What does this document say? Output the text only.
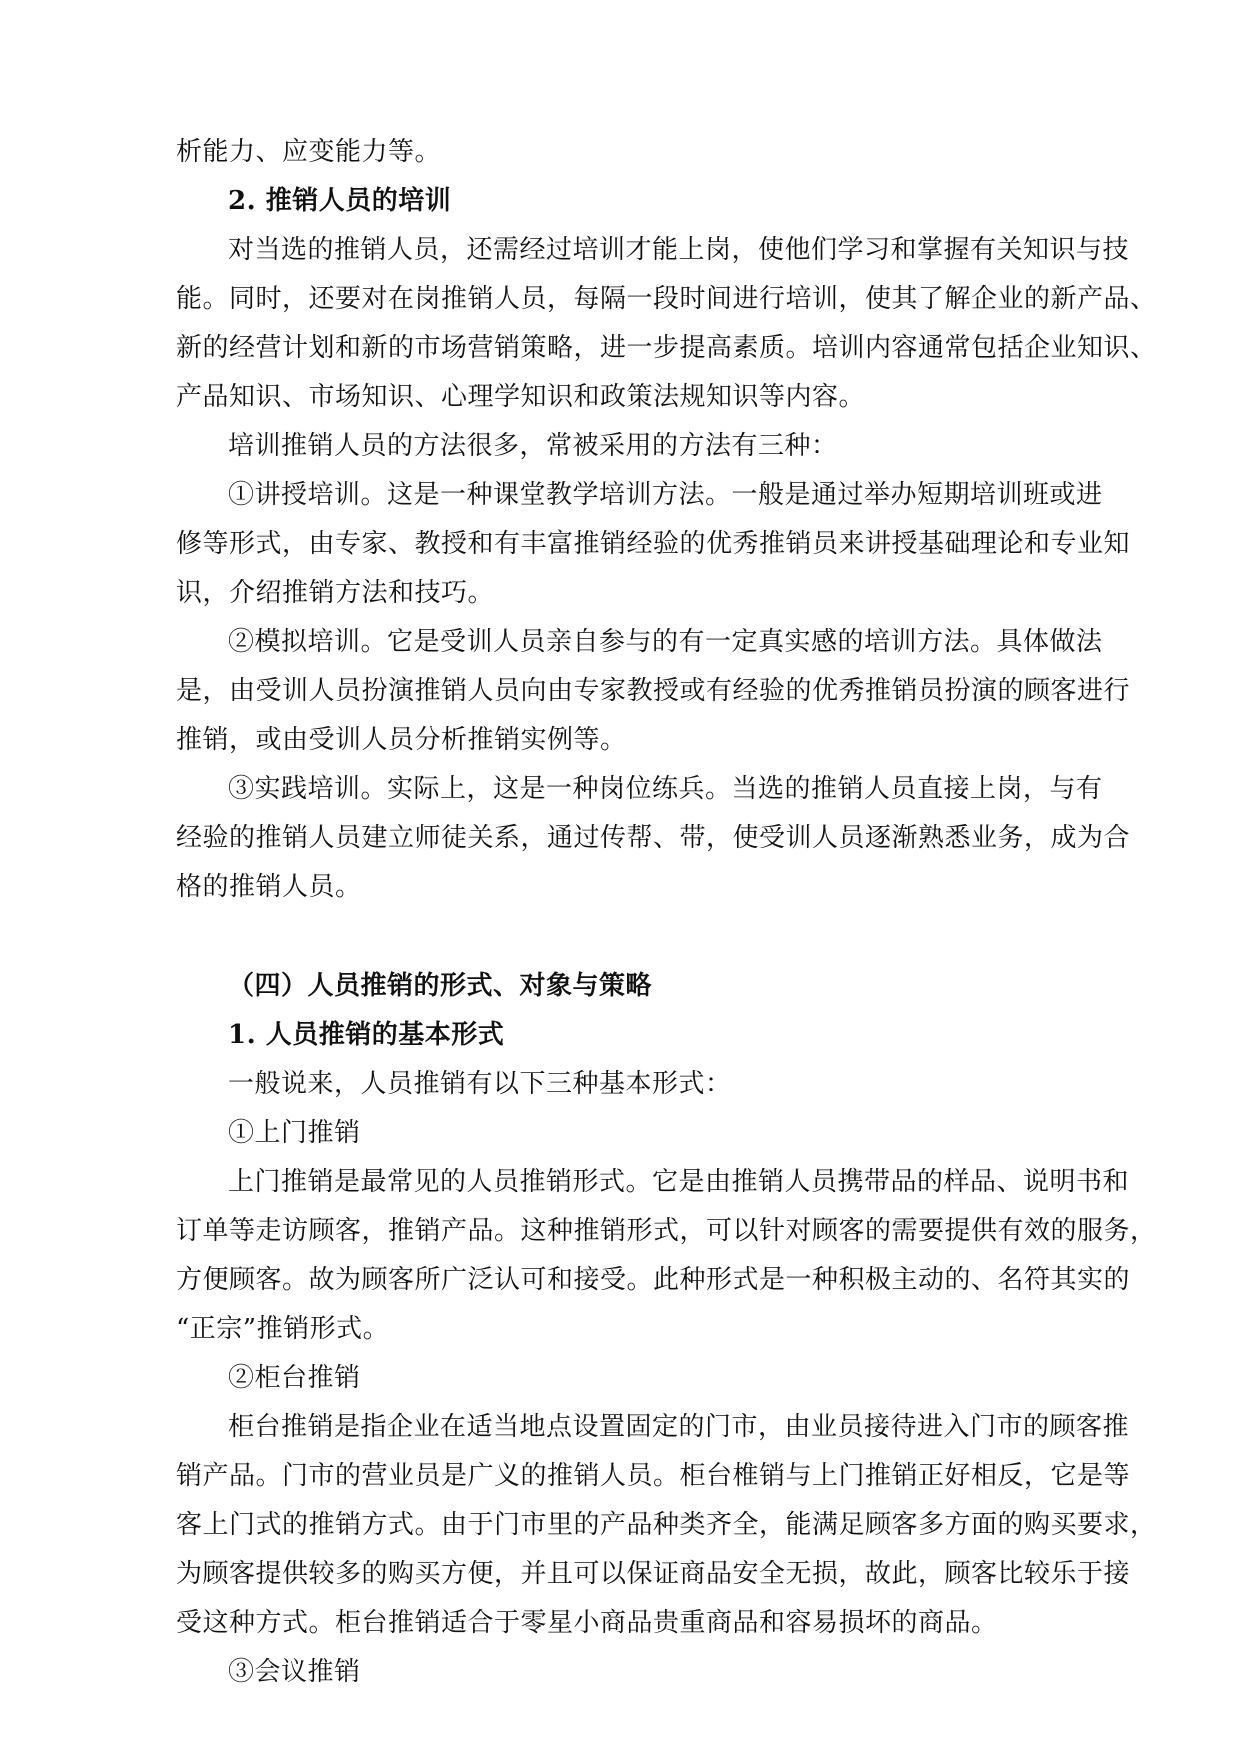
析能力、应变能力等。
2. 推销人员的培训
对当选的推销人员，还需经过培训才能上岗，使他们学习和掌握有关知识与技
能。同时，还要对在岗推销人员，每隔一段时间进行培训，使其了解企业的新产品、
新的经营计划和新的市场营销策略，进一步提高素质。培训内容通常包括企业知识、
产品知识、市场知识、心理学知识和政策法规知识等内容。
培训推销人员的方法很多，常被采用的方法有三种：
①讲授培训。这是一种课堂教学培训方法。一般是通过举办短期培训班或进
修等形式，由专家、教授和有丰富推销经验的优秀推销员来讲授基础理论和专业知
识，介绍推销方法和技巧。
②模拟培训。它是受训人员亲自参与的有一定真实感的培训方法。具体做法
是，由受训人员扮演推销人员向由专家教授或有经验的优秀推销员扮演的顾客进行
推销，或由受训人员分析推销实例等。
③实践培训。实际上，这是一种岗位练兵。当选的推销人员直接上岗，与有
经验的推销人员建立师徒关系，通过传帮、带，使受训人员逐渐熟悉业务，成为合
格的推销人员。
（四）人员推销的形式、对象与策略
1. 人员推销的基本形式
一般说来，人员推销有以下三种基本形式：
①上门推销
上门推销是最常见的人员推销形式。它是由推销人员携带品的样品、说明书和
订单等走访顾客，推销产品。这种推销形式，可以针对顾客的需要提供有效的服务，
方便顾客。故为顾客所广泛认可和接受。此种形式是一种积极主动的、名符其实的
“正宗”推销形式。
②柜台推销
柜台推销是指企业在适当地点设置固定的门市，由业员接待进入门市的顾客推
销产品。门市的营业员是广义的推销人员。柜台椎销与上门推销正好相反，它是等
客上门式的推销方式。由于门市里的产品种类齐全，能满足顾客多方面的购买要求，
为顾客提供较多的购买方便，并且可以保证商品安全无损，故此，顾客比较乐于接
受这种方式。柜台推销适合于零星小商品贵重商品和容易损坏的商品。
③会议推销
